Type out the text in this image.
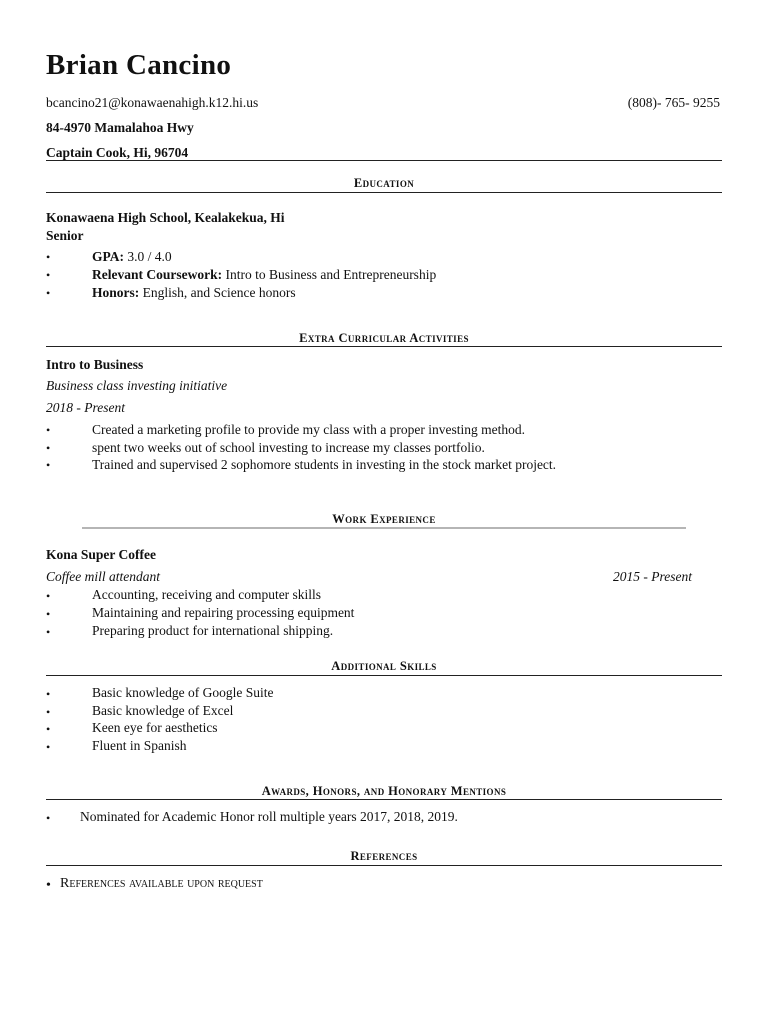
Brian Cancino
bcancino21@konawaenahigh.k12.hi.us	(808)- 765- 9255
84-4970 Mamalahoa Hwy
Captain Cook, Hi, 96704
Education
Konawaena High School, Kealakekua, Hi
Senior
•	GPA: 3.0 / 4.0
•	Relevant Coursework: Intro to Business and Entrepreneurship
•	Honors: English, and Science honors
Extra Curricular Activities
Intro to Business
Business class investing initiative
2018 - Present
•	Created a marketing profile to provide my class with a proper investing method.
•	spent two weeks out of school investing to increase my classes portfolio.
•	Trained and supervised 2 sophomore students in investing in the stock market project.
Work Experience
Kona Super Coffee
Coffee mill attendant	2015 - Present
•	Accounting, receiving and computer skills
•	Maintaining and repairing processing equipment
•	Preparing product for international shipping.
Additional Skills
•	Basic knowledge of Google Suite
•	Basic knowledge of Excel
•	Keen eye for aesthetics
•	Fluent in Spanish
Awards, Honors, and Honorary Mentions
• Nominated for Academic Honor roll multiple years 2017, 2018, 2019.
References
• References available upon request
